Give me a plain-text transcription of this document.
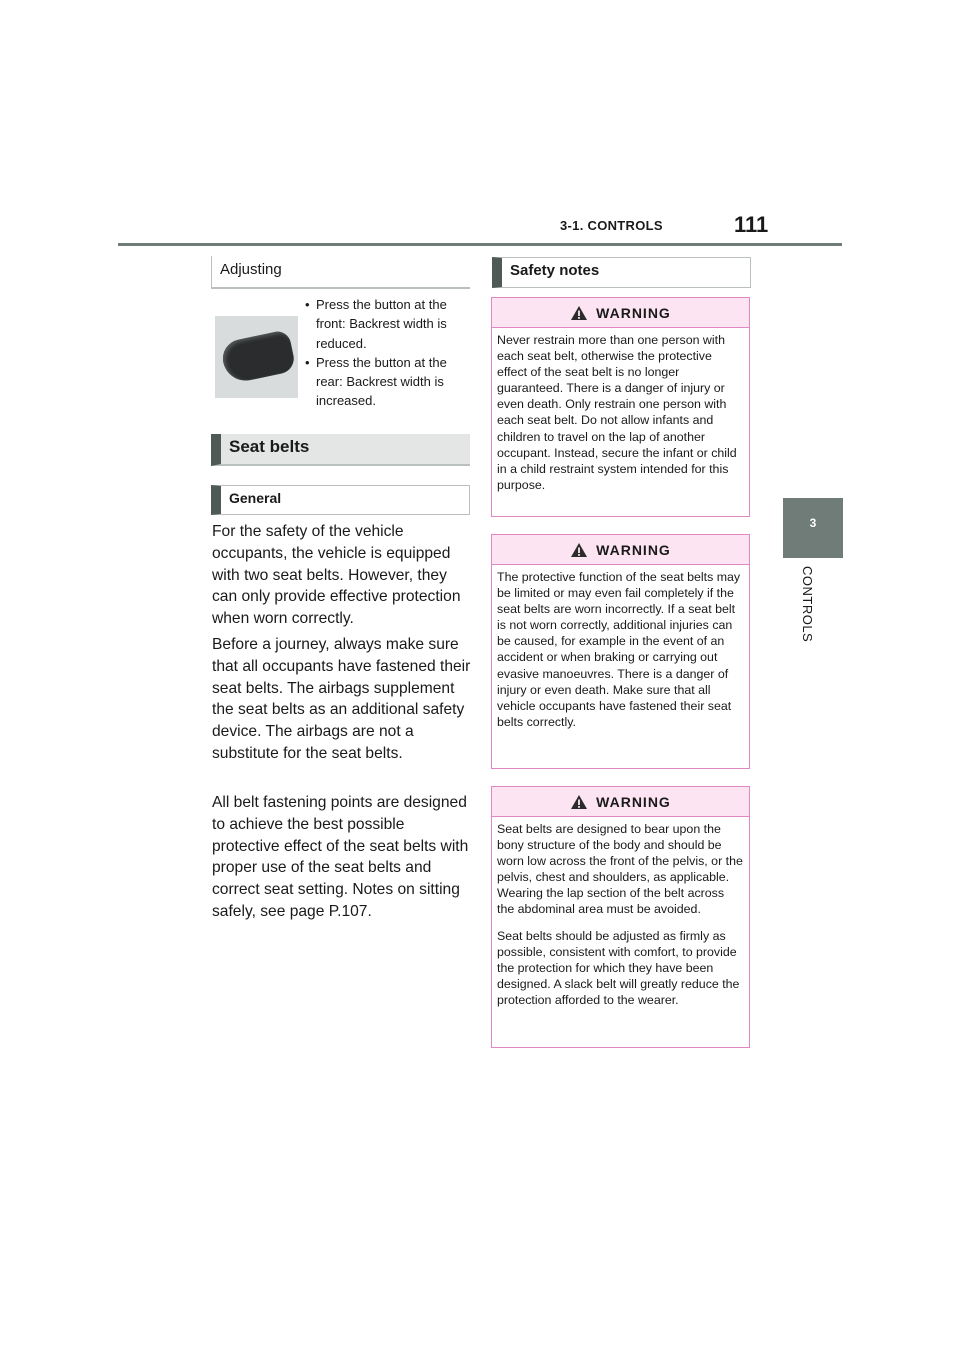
3-1. CONTROLS	111
3
CONTROLS
Adjusting
• Press the button at the front: Backrest width is reduced.
• Press the button at the rear: Backrest width is increased.
Seat belts
General

For the safety of the vehicle occupants, the vehicle is equipped with two seat belts. However, they can only provide effective protection when worn correctly.

Before a journey, always make sure that all occupants have fastened their seat belts. The airbags supplement the seat belts as an additional safety device. The airbags are not a substitute for the seat belts.

All belt fastening points are designed to achieve the best possible protective effect of the seat belts with proper use of the seat belts and correct seat setting. Notes on sitting safely, see page P.107.

Safety notes
WARNING

Never restrain more than one person with each seat belt, otherwise the protective effect of the seat belt is no longer guaranteed. There is a danger of injury or even death. Only restrain one person with each seat belt. Do not allow infants and children to travel on the lap of another occupant. Instead, secure the infant or child in a child restraint system intended for this purpose.

WARNING

The protective function of the seat belts may be limited or may even fail completely if the seat belts are worn incorrectly. If a seat belt is not worn correctly, additional injuries can be caused, for example in the event of an accident or when braking or carrying out evasive manoeuvres. There is a danger of injury or even death. Make sure that all vehicle occupants have fastened their seat belts correctly.

WARNING

Seat belts are designed to bear upon the bony structure of the body and should be worn low across the front of the pelvis, or the pelvis, chest and shoulders, as applicable. Wearing the lap section of the belt across the abdominal area must be avoided.

Seat belts should be adjusted as firmly as possible, consistent with comfort, to provide the protection for which they have been designed. A slack belt will greatly reduce the protection afforded to the wearer.
